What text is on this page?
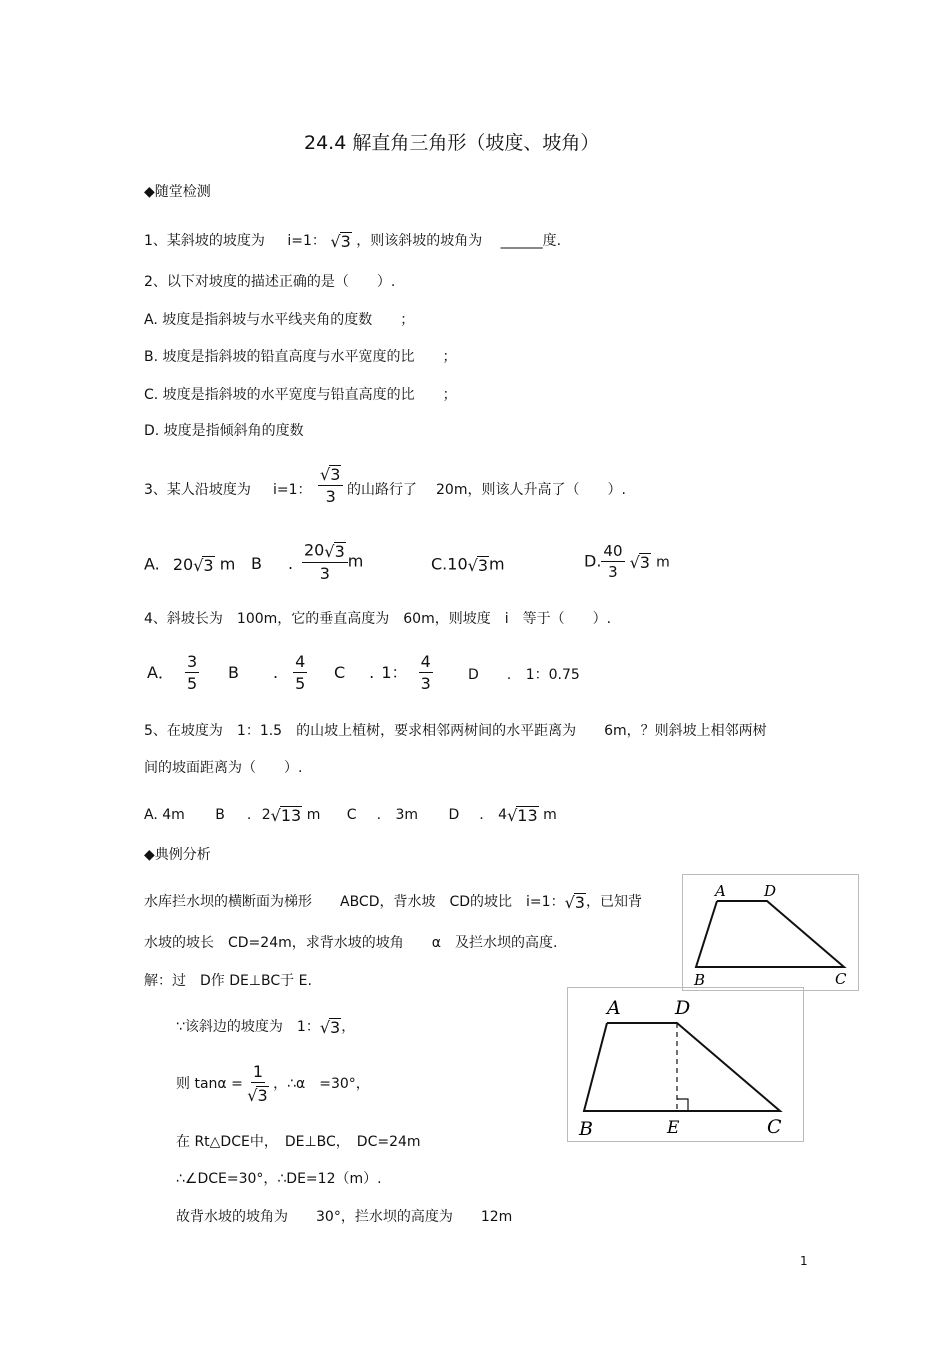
24.4 解直角三角形（坡度、坡角）
◆随堂检测
1、某斜坡的坡度为 i=1： √ 3 ，则该斜坡的坡角为 ______度.
2、以下对坡度的描述正确的是（　　）.
A. 坡度是指斜坡与水平线夹角的度数　　；
B. 坡度是指斜坡的铅直高度与水平宽度的比　　；
C. 坡度是指斜坡的水平宽度与铅直高度的比　　；
D. 坡度是指倾斜角的度数
3、某人沿坡度为 i=1： √ $\frac{3}{3}$ 的山路行了 20m，则该人升高了（　　）.
A. 20 √ 3 m B . $\frac{20 √ 3}{3}$ m	C.10 √ 3m	D. $\frac{40}{3}$ √ 3 m
4、斜坡长为　100m，它的垂直高度为　60m，则坡度　i　等于（　　）.
A． $\frac{3}{5}$ B . $\frac{4}{5}$ C . 1： $\frac{4}{3}$	D . 1：0.75
5、在坡度为　1：1.5　的山坡上植树，要求相邻两树间的水平距离为　　6m，？则斜坡上相邻两树
间的坡面距离为（　　）.
A. 4m B . 2 √ 13 m C . 3m D . 4 √ 13 m
◆典例分析
水库拦水坝的横断面为梯形　　ABCD，背水坡　CD的坡比　i=1： √ 3，已知背
水坡的坡长　CD=24m，求背水坡的坡角　　α　及拦水坝的高度.
解：过　D作 DE⊥BC于 E.
∵该斜边的坡度为　1： √ 3，
则 tanα = 1
√ 3 ，∴α　=30°，
在 Rt△DCE中，　DE⊥BC，　DC=24m
∴∠DCE=30°，∴DE=12（m）.
故背水坡的坡角为　　30°，拦水坝的高度为　　12m
A	D
B	C
A	D
B	E	C
1
